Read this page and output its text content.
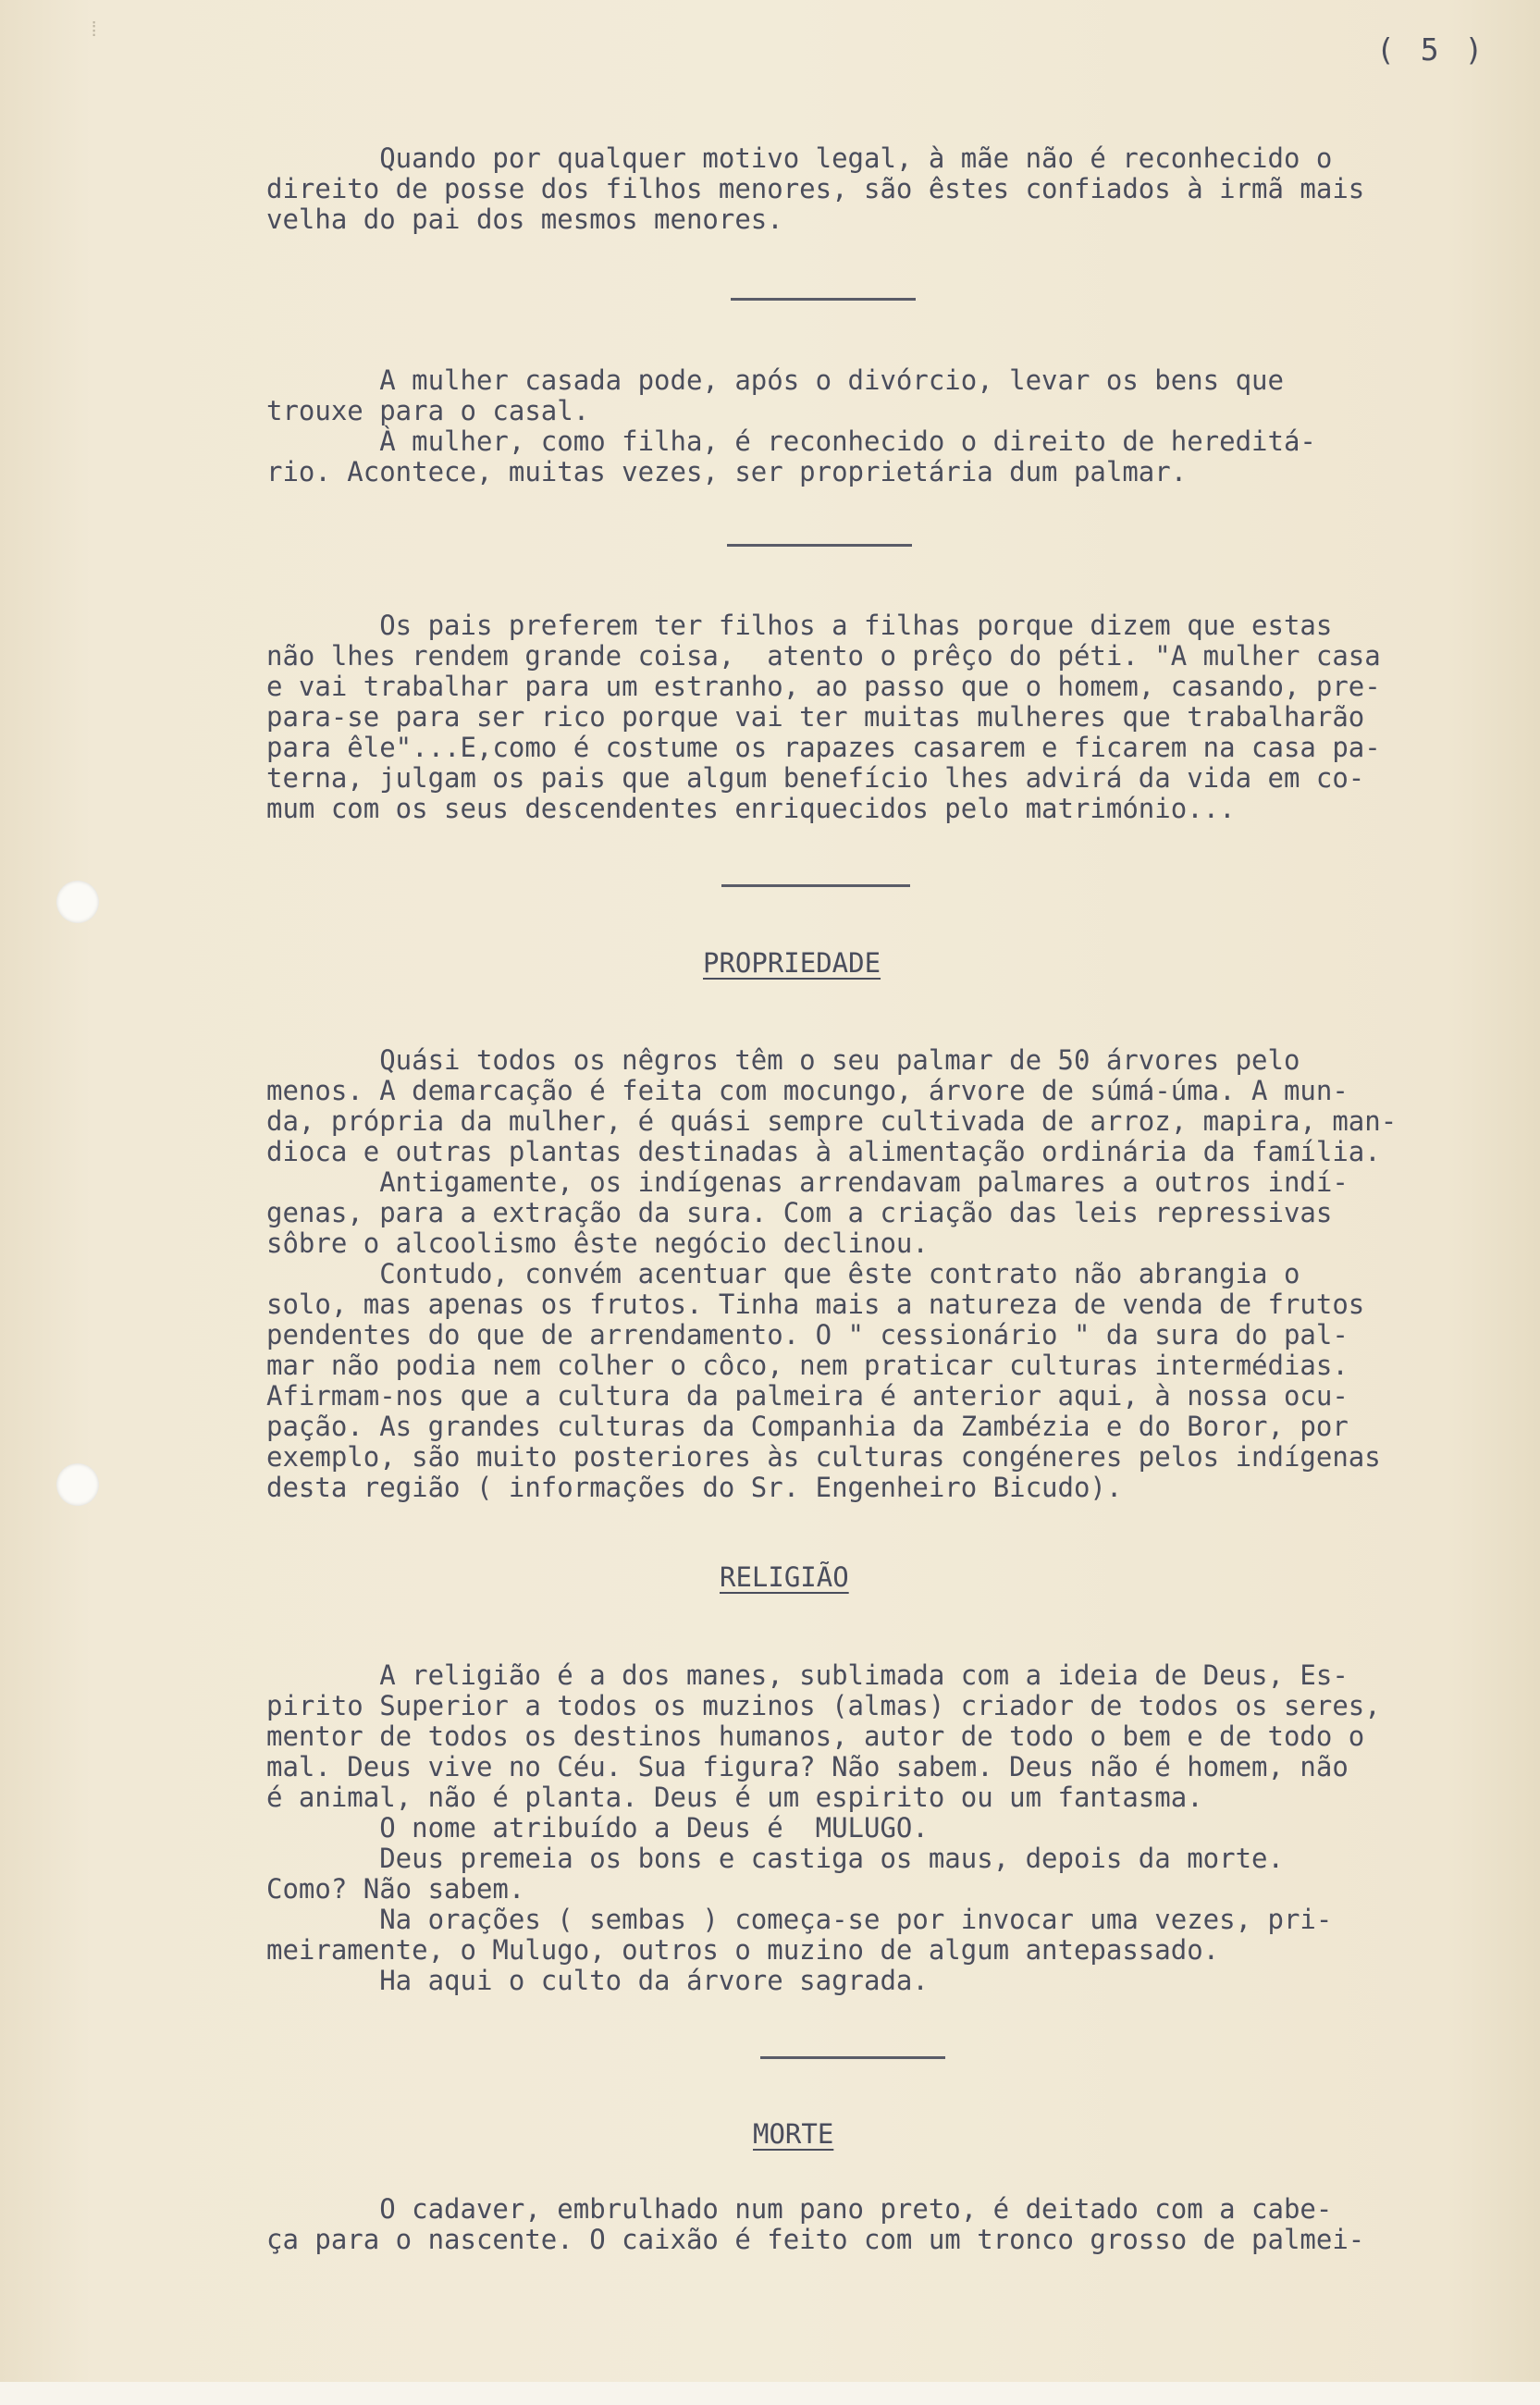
⁞
( 5 )
Quando por qualquer motivo legal, à mãe não é reconhecido o
direito de posse dos filhos menores, são êstes confiados à irmã mais
velha do pai dos mesmos menores.
A mulher casada pode, após o divórcio, levar os bens que
trouxe para o casal.
À mulher, como filha, é reconhecido o direito de hereditá-
rio. Acontece, muitas vezes, ser proprietária dum palmar.
Os pais preferem ter filhos a filhas porque dizem que estas
não lhes rendem grande coisa,  atento o prêço do péti. "A mulher casa
e vai trabalhar para um estranho, ao passo que o homem, casando, pre-
para-se para ser rico porque vai ter muitas mulheres que trabalharão
para êle"...E,como é costume os rapazes casarem e ficarem na casa pa-
terna, julgam os pais que algum benefício lhes advirá da vida em co-
mum com os seus descendentes enriquecidos pelo matrimónio...
PROPRIEDADE
Quási todos os nêgros têm o seu palmar de 50 árvores pelo
menos. A demarcação é feita com mocungo, árvore de súmá-úma. A mun-
da, própria da mulher, é quási sempre cultivada de arroz, mapira, man-
dioca e outras plantas destinadas à alimentação ordinária da família.
Antigamente, os indígenas arrendavam palmares a outros indí-
genas, para a extração da sura. Com a criação das leis repressivas
sôbre o alcoolismo êste negócio declinou.
Contudo, convém acentuar que êste contrato não abrangia o
solo, mas apenas os frutos. Tinha mais a natureza de venda de frutos
pendentes do que de arrendamento. O " cessionário " da sura do pal-
mar não podia nem colher o côco, nem praticar culturas intermédias.
Afirmam-nos que a cultura da palmeira é anterior aqui, à nossa ocu-
pação. As grandes culturas da Companhia da Zambézia e do Boror, por
exemplo, são muito posteriores às culturas congéneres pelos indígenas
desta região ( informações do Sr. Engenheiro Bicudo).
RELIGIÃO
A religião é a dos manes, sublimada com a ideia de Deus, Es-
pirito Superior a todos os muzinos (almas) criador de todos os seres,
mentor de todos os destinos humanos, autor de todo o bem e de todo o
mal. Deus vive no Céu. Sua figura? Não sabem. Deus não é homem, não
é animal, não é planta. Deus é um espirito ou um fantasma.
O nome atribuído a Deus é  MULUGO.
Deus premeia os bons e castiga os maus, depois da morte.
Como? Não sabem.
Na orações ( sembas ) começa-se por invocar uma vezes, pri-
meiramente, o Mulugo, outros o muzino de algum antepassado.
Ha aqui o culto da árvore sagrada.
MORTE
O cadaver, embrulhado num pano preto, é deitado com a cabe-
ça para o nascente. O caixão é feito com um tronco grosso de palmei-
